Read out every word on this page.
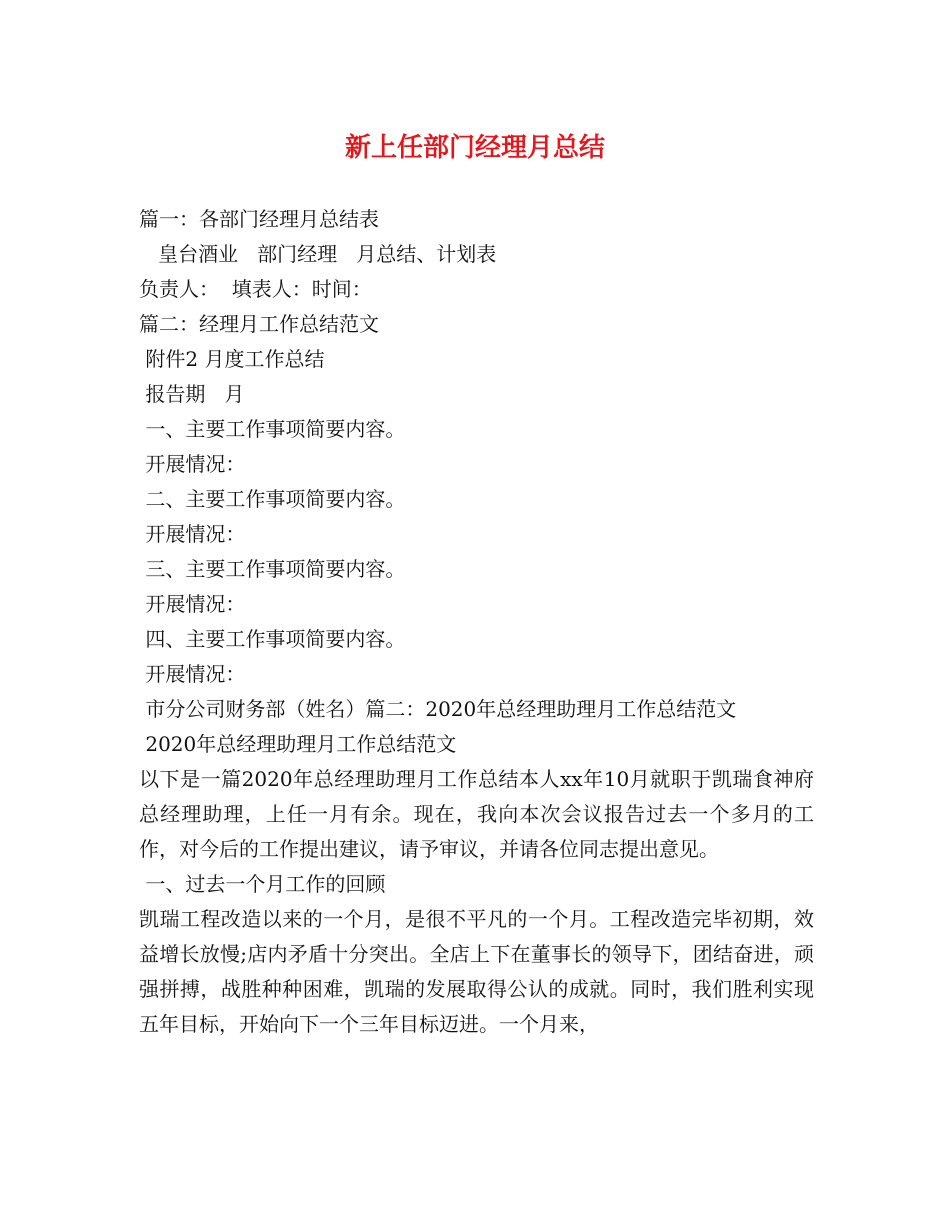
新上任部门经理月总结
篇一：各部门经理月总结表
皇台酒业   部门经理   月总结、计划表
负责人：  填表人：时间：
篇二：经理月工作总结范文
附件2 月度工作总结
报告期   月
一、主要工作事项简要内容。
开展情况：
二、主要工作事项简要内容。
开展情况：
三、主要工作事项简要内容。
开展情况：
四、主要工作事项简要内容。
开展情况：
市分公司财务部（姓名）篇二：2020年总经理助理月工作总结范文
2020年总经理助理月工作总结范文

以下是一篇2020年总经理助理月工作总结本人xx年10月就职于凯瑞食神府总经理助理，上任一月有余。现在，我向本次会议报告过去一个多月的工作，对今后的工作提出建议，请予审议，并请各位同志提出意见。

一、过去一个月工作的回顾

凯瑞工程改造以来的一个月，是很不平凡的一个月。工程改造完毕初期，效益增长放慢;店内矛盾十分突出。全店上下在董事长的领导下，团结奋进，顽强拼搏，战胜种种困难，凯瑞的发展取得公认的成就。同时，我们胜利实现五年目标，开始向下一个三年目标迈进。一个月来，
